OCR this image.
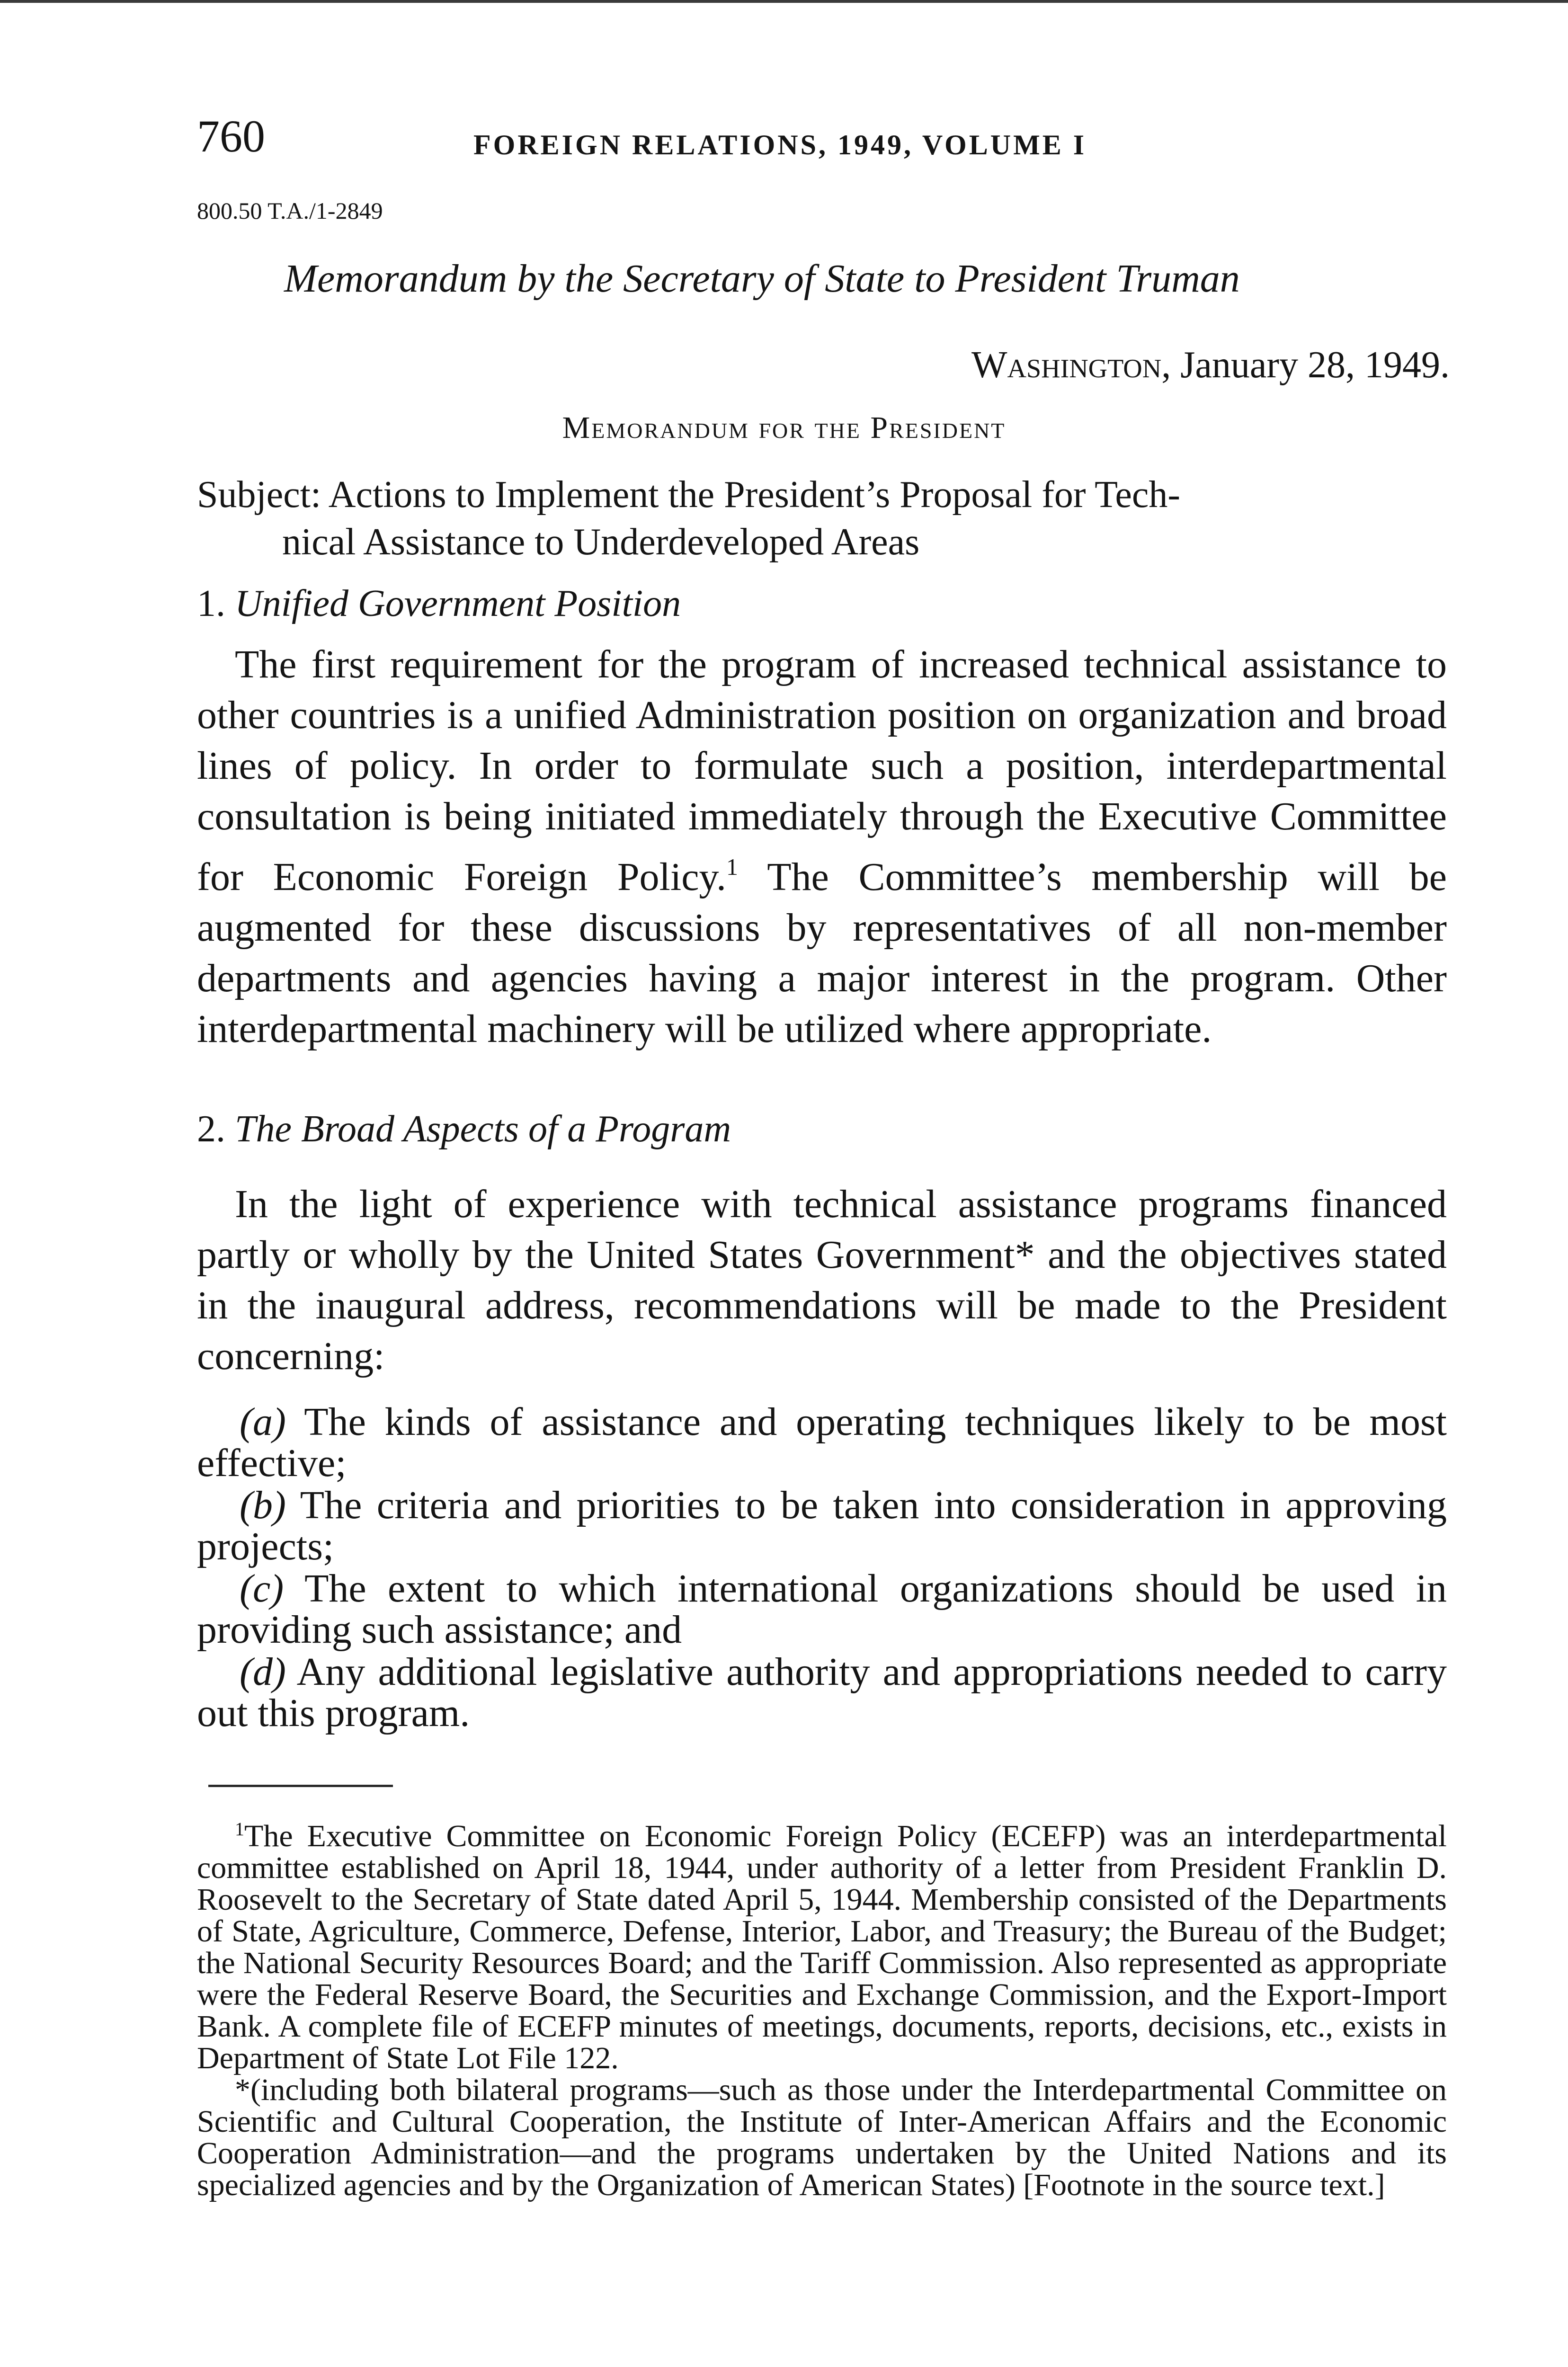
760	FOREIGN RELATIONS, 1949, VOLUME I
800.50 T.A./1-2849
Memorandum by the Secretary of State to President Truman
Washington, January 28, 1949.
Memorandum for the President
Subject: Actions to Implement the President’s Proposal for Tech-
nical Assistance to Underdeveloped Areas
1. Unified Government Position
The first requirement for the program of increased technical assistance to other countries is a unified Administration position on organization and broad lines of policy. In order to formulate such a position, interdepartmental consultation is being initiated immediately through the Executive Committee for Economic Foreign Policy.$^1$ The Committee’s membership will be augmented for these discussions by representatives of all non-member departments and agencies having a major interest in the program. Other interdepartmental machinery will be utilized where appropriate.
2. The Broad Aspects of a Program
In the light of experience with technical assistance programs financed partly or wholly by the United States Government* and the objectives stated in the inaugural address, recommendations will be made to the President concerning:
(a) The kinds of assistance and operating techniques likely to be most effective;
(b) The criteria and priorities to be taken into consideration in approving projects;
(c) The extent to which international organizations should be used in providing such assistance; and
(d) Any additional legislative authority and appropriations needed to carry out this program.
$^1$The Executive Committee on Economic Foreign Policy (ECEFP) was an interdepartmental committee established on April 18, 1944, under authority of a letter from President Franklin D. Roosevelt to the Secretary of State dated April 5, 1944. Membership consisted of the Departments of State, Agriculture, Commerce, Defense, Interior, Labor, and Treasury; the Bureau of the Budget; the National Security Resources Board; and the Tariff Commission. Also represented as appropriate were the Federal Reserve Board, the Securities and Exchange Commission, and the Export-Import Bank. A complete file of ECEFP minutes of meetings, documents, reports, decisions, etc., exists in Department of State Lot File 122.
*(including both bilateral programs—such as those under the Interdepartmental Committee on Scientific and Cultural Cooperation, the Institute of Inter-American Affairs and the Economic Cooperation Administration—and the programs undertaken by the United Nations and its specialized agencies and by the Organization of American States) [Footnote in the source text.]
